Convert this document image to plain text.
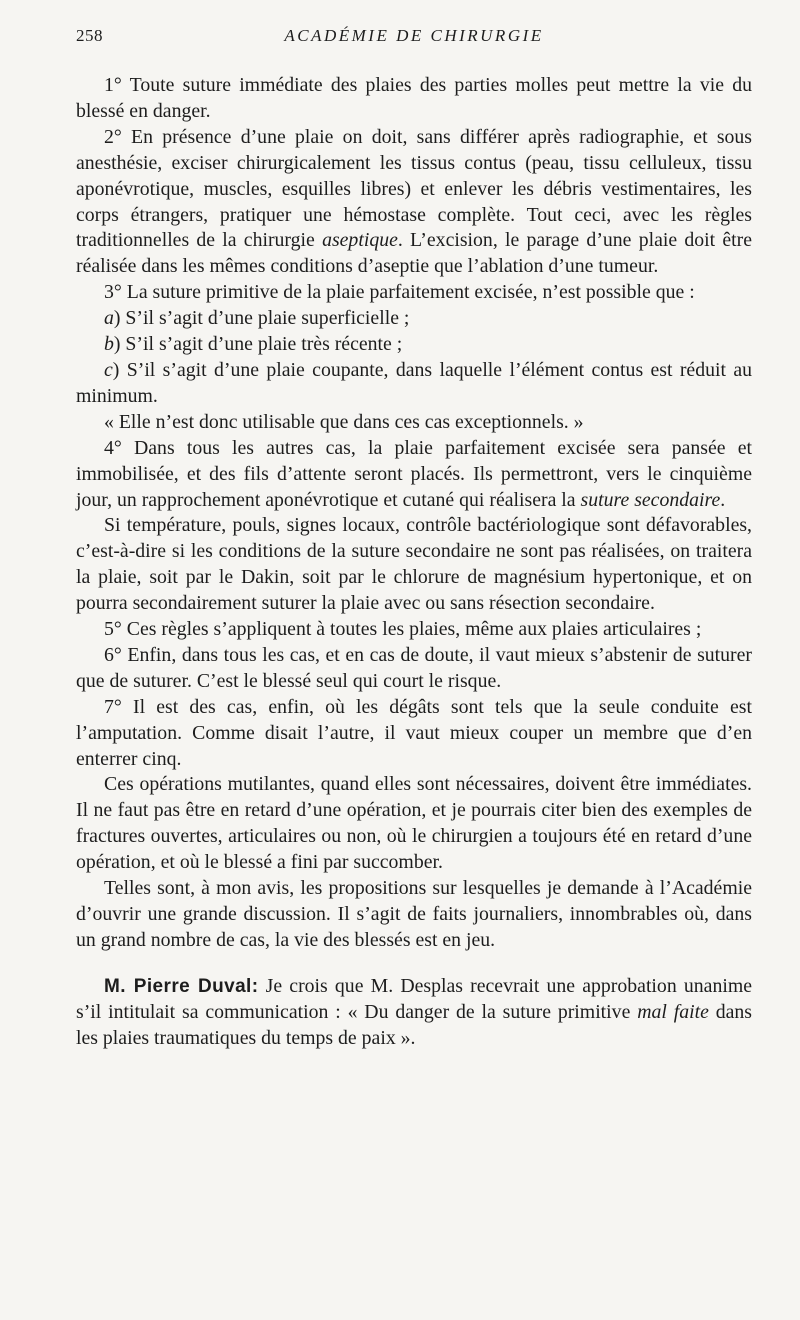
258	ACADÉMIE DE CHIRURGIE

1° Toute suture immédiate des plaies des parties molles peut mettre la vie du blessé en danger.

2° En présence d’une plaie on doit, sans différer après radiographie, et sous anesthésie, exciser chirurgicalement les tissus contus (peau, tissu celluleux, tissu aponévrotique, muscles, esquilles libres) et enlever les débris vestimentaires, les corps étrangers, pratiquer une hémostase complète. Tout ceci, avec les règles traditionnelles de la chirurgie aseptique. L’excision, le parage d’une plaie doit être réalisée dans les mêmes conditions d’aseptie que l’ablation d’une tumeur.

3° La suture primitive de la plaie parfaitement excisée, n’est possible que :

a) S’il s’agit d’une plaie superficielle ;

b) S’il s’agit d’une plaie très récente ;

c) S’il s’agit d’une plaie coupante, dans laquelle l’élément contus est réduit au minimum.

« Elle n’est donc utilisable que dans ces cas exceptionnels. »

4° Dans tous les autres cas, la plaie parfaitement excisée sera pansée et immobilisée, et des fils d’attente seront placés. Ils permettront, vers le cinquième jour, un rapprochement aponévrotique et cutané qui réalisera la suture secondaire.

Si température, pouls, signes locaux, contrôle bactériologique sont défavorables, c’est-à-dire si les conditions de la suture secondaire ne sont pas réalisées, on traitera la plaie, soit par le Dakin, soit par le chlorure de magnésium hypertonique, et on pourra secondairement suturer la plaie avec ou sans résection secondaire.

5° Ces règles s’appliquent à toutes les plaies, même aux plaies articulaires ;

6° Enfin, dans tous les cas, et en cas de doute, il vaut mieux s’abstenir de suturer que de suturer. C’est le blessé seul qui court le risque.

7° Il est des cas, enfin, où les dégâts sont tels que la seule conduite est l’amputation. Comme disait l’autre, il vaut mieux couper un membre que d’en enterrer cinq.

Ces opérations mutilantes, quand elles sont nécessaires, doivent être immédiates. Il ne faut pas être en retard d’une opération, et je pourrais citer bien des exemples de fractures ouvertes, articulaires ou non, où le chirurgien a toujours été en retard d’une opération, et où le blessé a fini par succomber.

Telles sont, à mon avis, les propositions sur lesquelles je demande à l’Académie d’ouvrir une grande discussion. Il s’agit de faits journaliers, innombrables où, dans un grand nombre de cas, la vie des blessés est en jeu.

M. Pierre Duval: Je crois que M. Desplas recevrait une approbation unanime s’il intitulait sa communication : « Du danger de la suture primitive mal faite dans les plaies traumatiques du temps de paix ».
